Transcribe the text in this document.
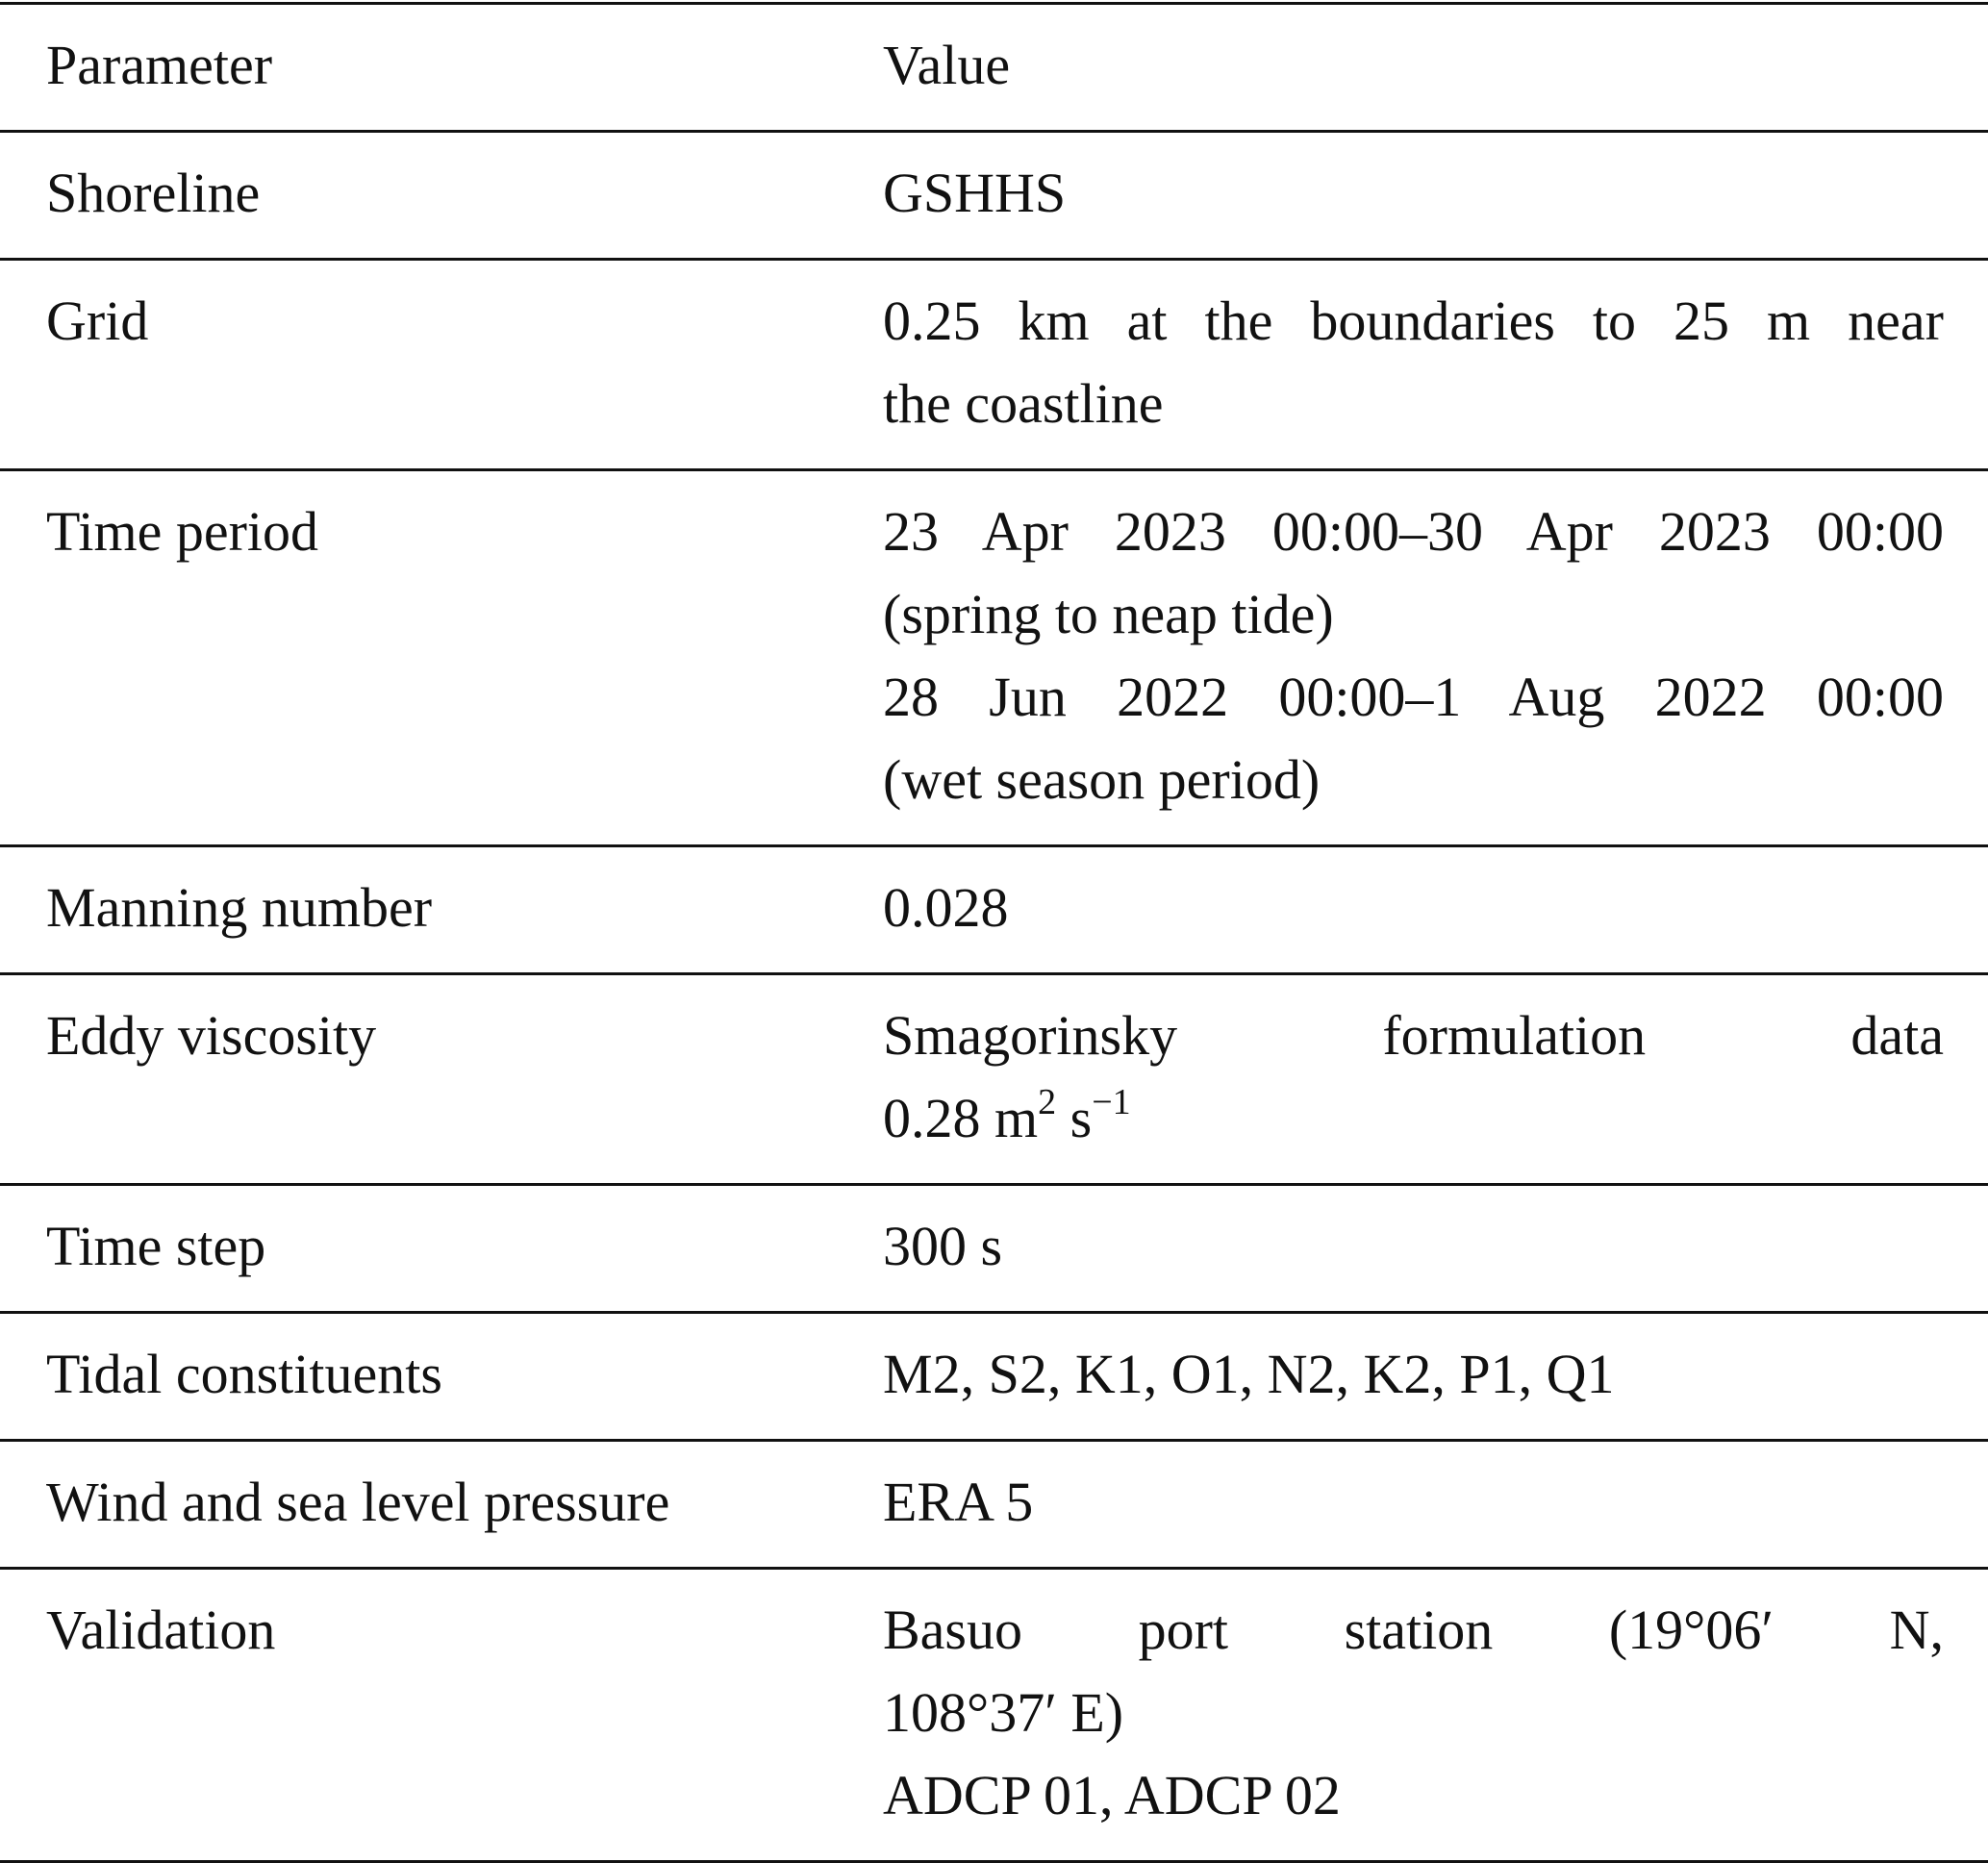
Parameter	Value
Shoreline	GSHHS

Grid	0.25 km at the boundaries to 25 m near
the coastline

Time period	23 Apr 2023 00:00–30 Apr 2023 00:00
(spring to neap tide)
28 Jun 2022 00:00–1 Aug 2022 00:00
(wet season period)

Manning number	0.028

Eddy viscosity	Smagorinsky formulation data
0.28 $m^2$ $s^{-1}$

Time step	300 s

Tidal constituents	M2, S2, K1, O1, N2, K2, P1, Q1

Wind and sea level pressure	ERA 5

Validation	Basuo port station (19°06′ N,
108°37′ E)
ADCP 01, ADCP 02
